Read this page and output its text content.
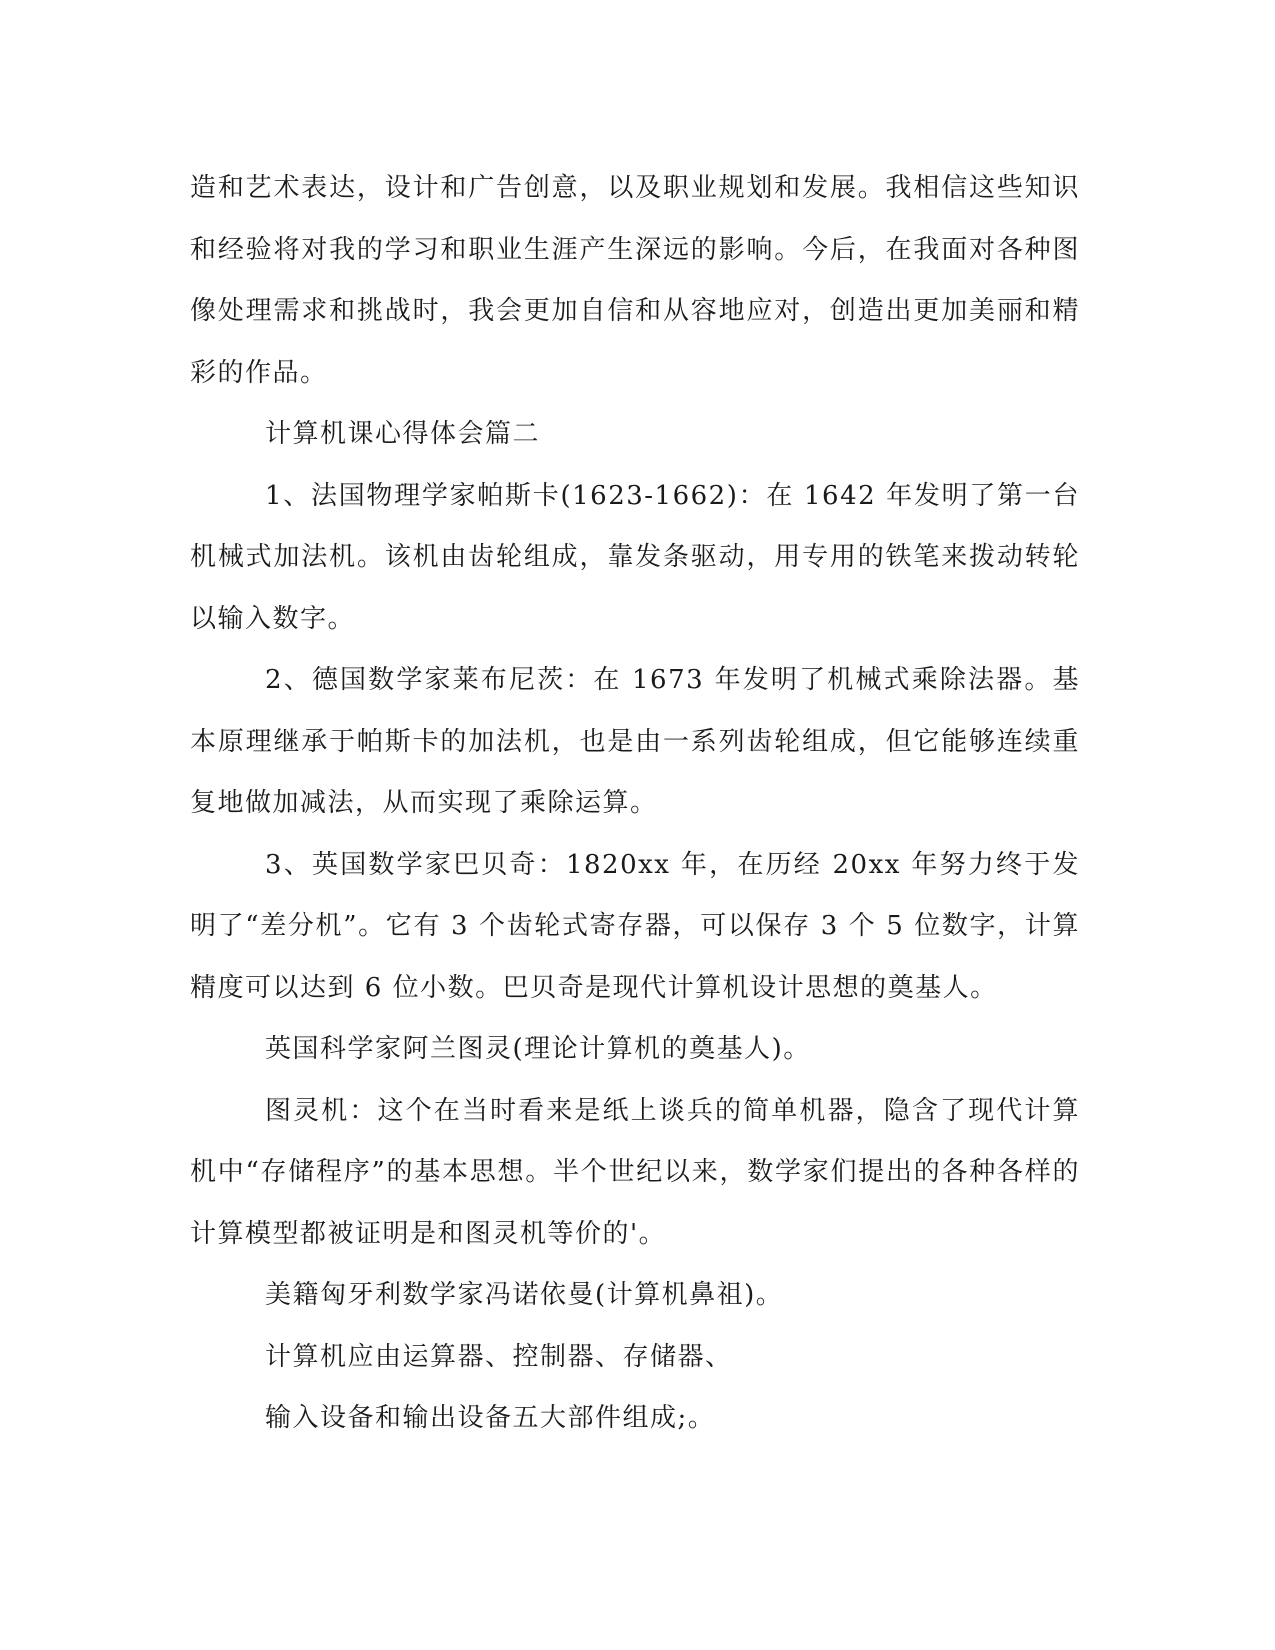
造和艺术表达，设计和广告创意，以及职业规划和发展。我相信这些知识和经验将对我的学习和职业生涯产生深远的影响。今后，在我面对各种图像处理需求和挑战时，我会更加自信和从容地应对，创造出更加美丽和精彩的作品。

计算机课心得体会篇二

1、法国物理学家帕斯卡(1623-1662)：在 1642 年发明了第一台机械式加法机。该机由齿轮组成，靠发条驱动，用专用的铁笔来拨动转轮以输入数字。

2、德国数学家莱布尼茨：在 1673 年发明了机械式乘除法器。基本原理继承于帕斯卡的加法机，也是由一系列齿轮组成，但它能够连续重复地做加减法，从而实现了乘除运算。

3、英国数学家巴贝奇：1820xx 年，在历经 20xx 年努力终于发明了“差分机”。它有 3 个齿轮式寄存器，可以保存 3 个 5 位数字，计算精度可以达到 6 位小数。巴贝奇是现代计算机设计思想的奠基人。

英国科学家阿兰图灵(理论计算机的奠基人)。

图灵机：这个在当时看来是纸上谈兵的简单机器，隐含了现代计算机中“存储程序”的基本思想。半个世纪以来，数学家们提出的各种各样的计算模型都被证明是和图灵机等价的'。

美籍匈牙利数学家冯诺依曼(计算机鼻祖)。

计算机应由运算器、控制器、存储器、

输入设备和输出设备五大部件组成;。
